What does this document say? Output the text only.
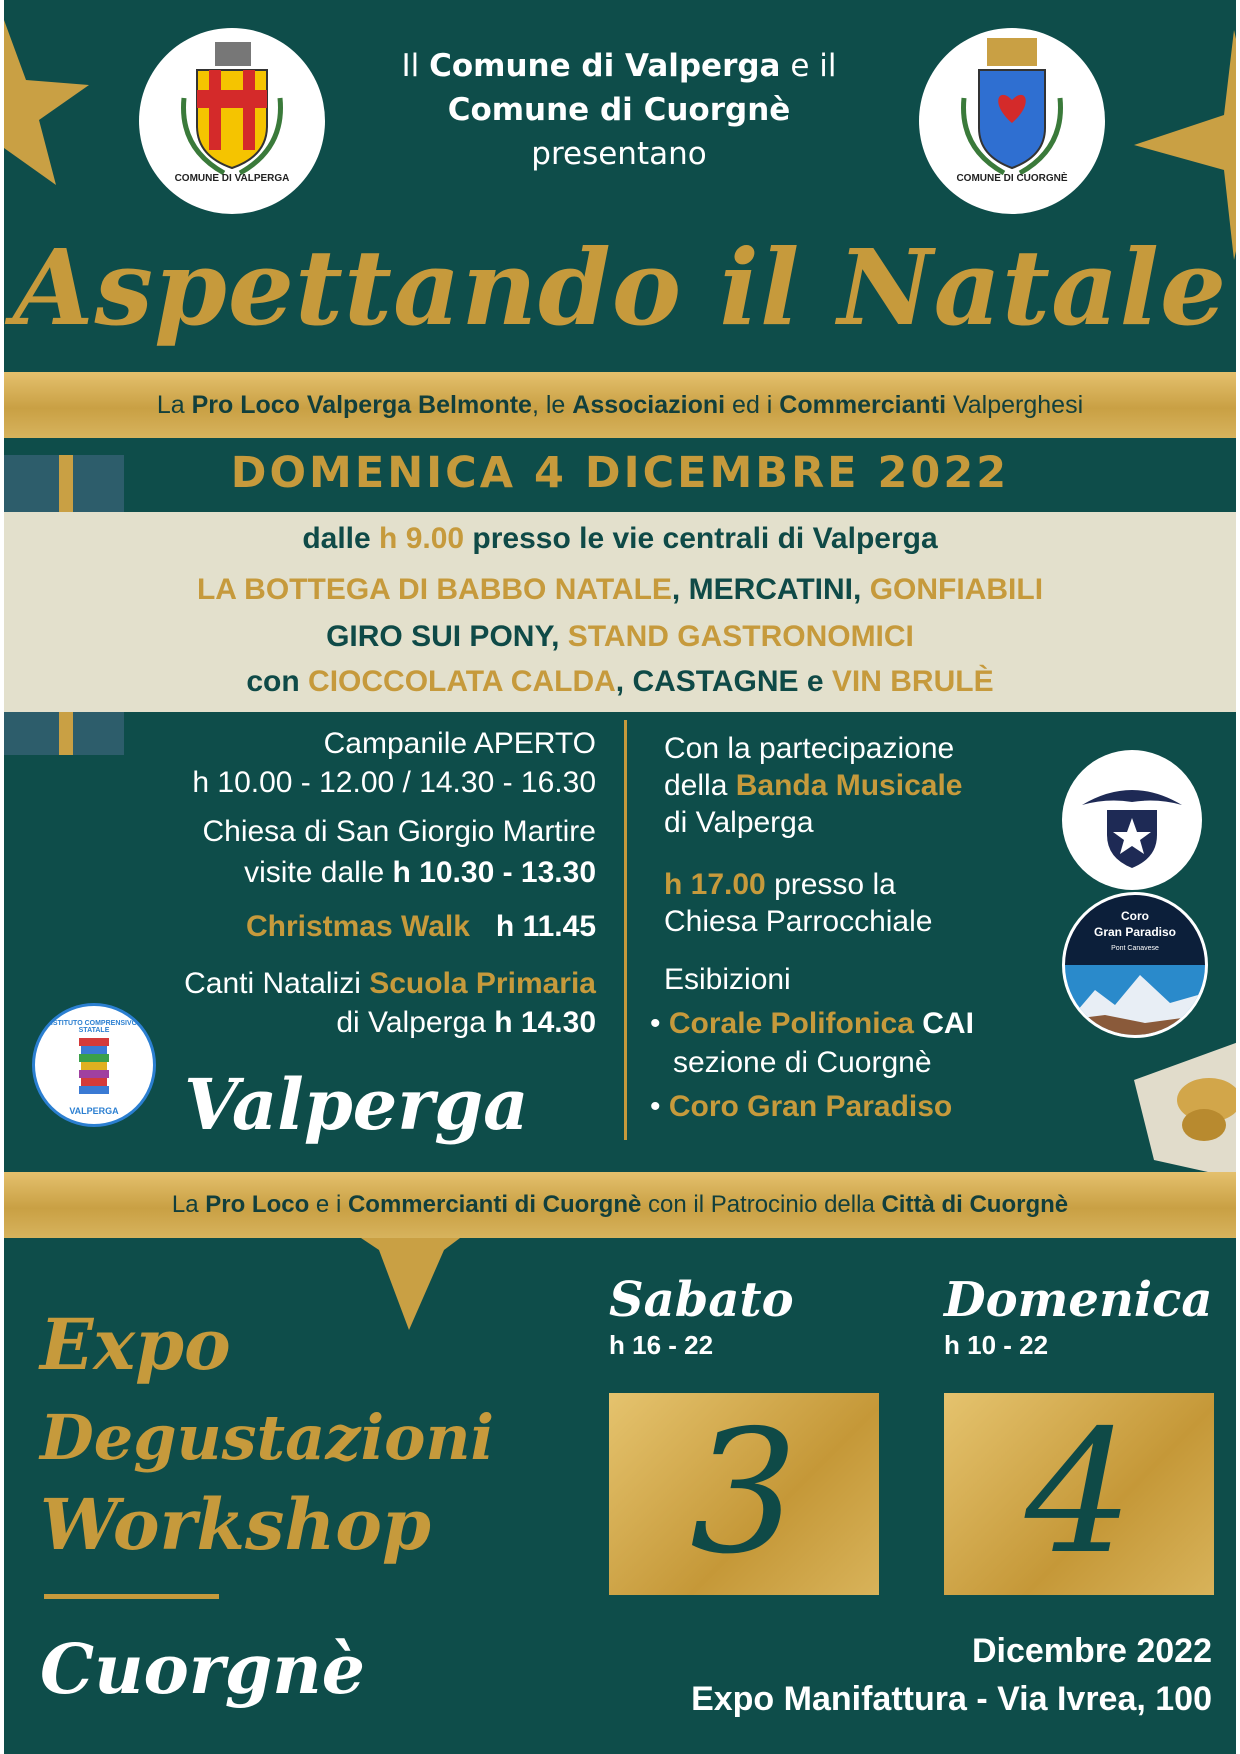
COMUNE DI VALPERGA	COMUNE DI CUORGNÈ
Il Comune di Valperga e il
Comune di Cuorgnè
presentano
Aspettando il Natale
La Pro Loco Valperga Belmonte, le Associazioni ed i Commercianti Valperghesi
DOMENICA 4 DICEMBRE 2022
dalle h 9.00 presso le vie centrali di Valperga
LA BOTTEGA DI BABBO NATALE, MERCATINI, GONFIABILI
GIRO SUI PONY, STAND GASTRONOMICI
con CIOCCOLATA CALDA, CASTAGNE e VIN BRULÈ
Campanile APERTO
h 10.00 - 12.00 / 14.30 - 16.30
Chiesa di San Giorgio Martire
visite dalle h 10.30 - 13.30
Christmas Walk h 11.45
Canti Natalizi Scuola Primaria
di Valperga h 14.30
ISTITUTO COMPRENSIVO STATALE
VALPERGA Valperga
Con la partecipazione
della Banda Musicale
di Valperga
h 17.00 presso la
Chiesa Parrocchiale
Esibizioni
• Corale Polifonica CAI
sezione di Cuorgnè
• Coro Gran Paradiso
Coro
Gran Paradiso
Pont Canavese
La Pro Loco e i Commercianti di Cuorgnè con il Patrocinio della Città di Cuorgnè
Expo
Degustazioni
Workshop
Cuorgnè
Sabato
h 16 - 22
Domenica
h 10 - 22
3	4
Dicembre 2022
Expo Manifattura - Via Ivrea, 100
